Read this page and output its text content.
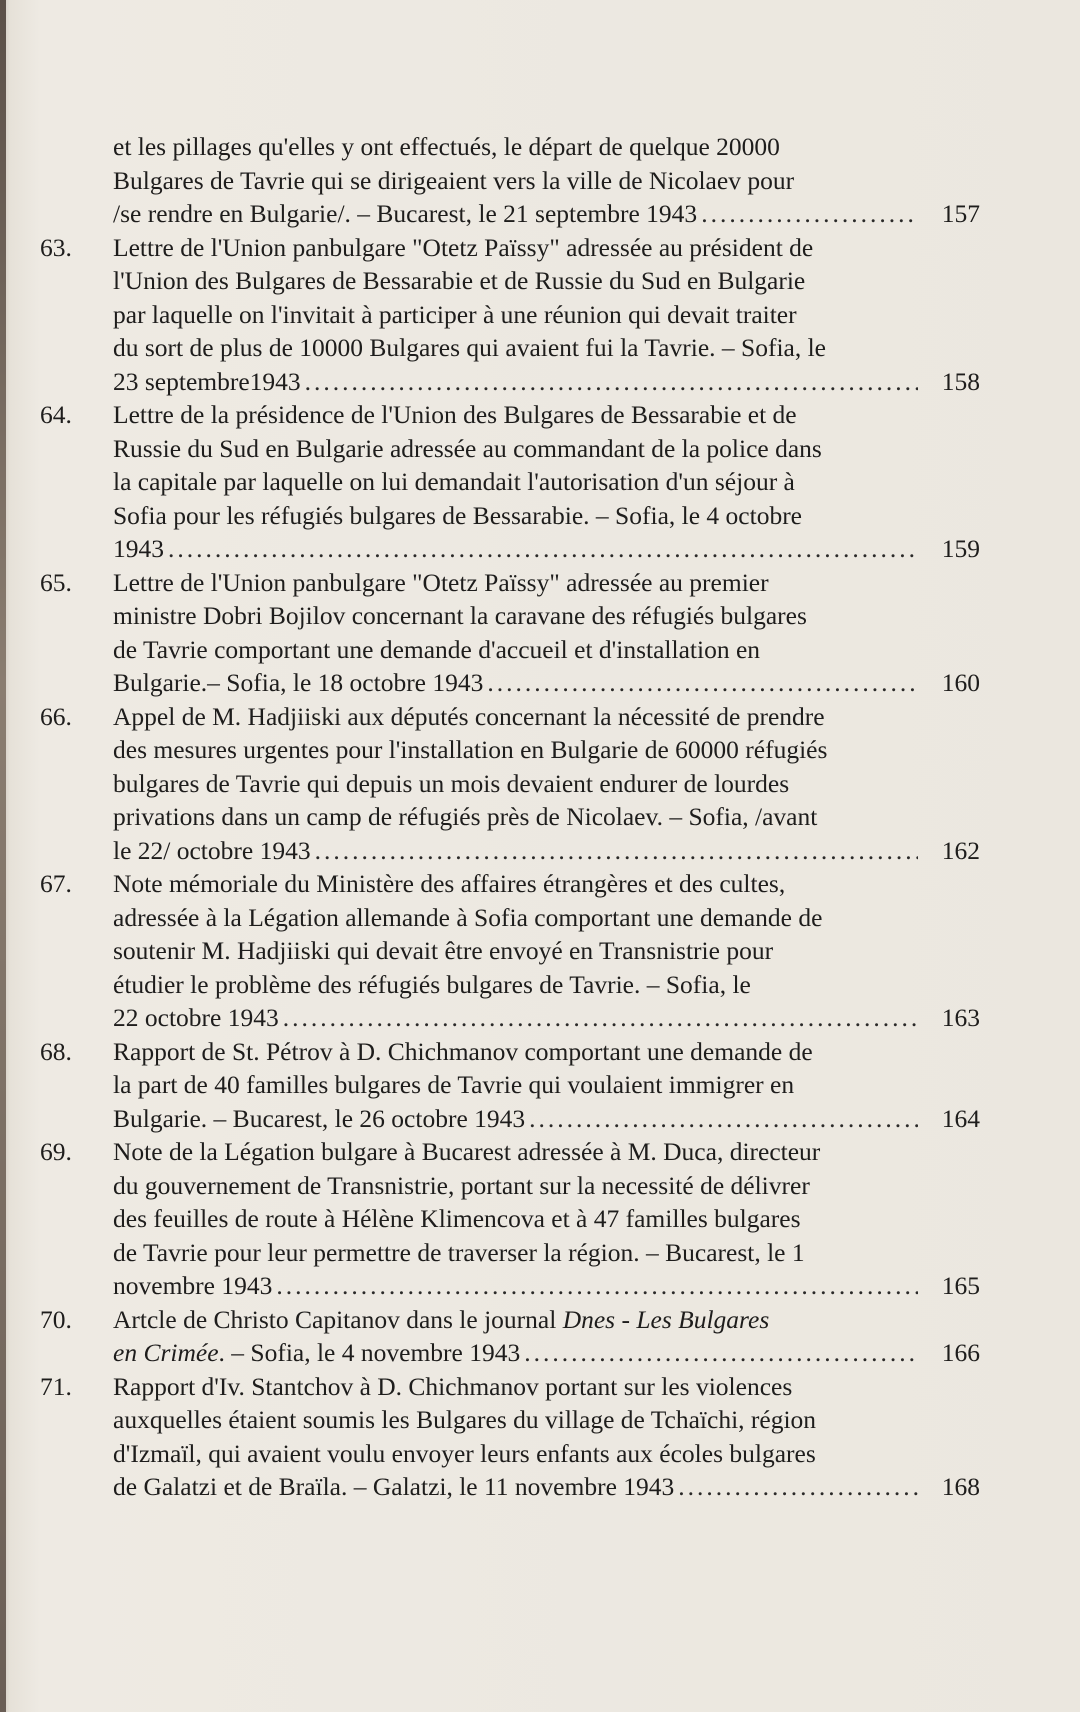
et les pillages qu'elles y ont effectués, le départ de quelque 20000
Bulgares de Tavrie qui se dirigeaient vers la ville de Nicolaev pour
/se rendre en Bulgarie/. – Bucarest, le 21 septembre 1943 .....	157
63.	Lettre de l'Union panbulgare "Otetz Païssy" adressée au président de
l'Union des Bulgares de Bessarabie et de Russie du Sud en Bulgarie
par laquelle on l'invitait à participer à une réunion qui devait traiter
du sort de plus de 10000 Bulgares qui avaient fui la Tavrie. – Sofia, le
23 septembre1943 .....	158
64.	Lettre de la présidence de l'Union des Bulgares de Bessarabie et de
Russie du Sud en Bulgarie adressée au commandant de la police dans
la capitale par laquelle on lui demandait l'autorisation d'un séjour à
Sofia pour les réfugiés bulgares de Bessarabie. – Sofia, le 4 octobre
1943 .....	159
65.	Lettre de l'Union panbulgare "Otetz Païssy" adressée au premier
ministre Dobri Bojilov concernant la caravane des réfugiés bulgares
de Tavrie comportant une demande d'accueil et d'installation en
Bulgarie.– Sofia, le 18 octobre 1943 .....	160
66.	Appel de M. Hadjiiski aux députés concernant la nécessité de prendre
des mesures urgentes pour l'installation en Bulgarie de 60000 réfugiés
bulgares de Tavrie qui depuis un mois devaient endurer de lourdes
privations dans un camp de réfugiés près de Nicolaev. – Sofia, /avant
le 22/ octobre 1943 .....	162
67.	Note mémoriale du Ministère des affaires étrangères et des cultes,
adressée à la Légation allemande à Sofia comportant une demande de
soutenir M. Hadjiiski qui devait être envoyé en Transnistrie pour
étudier le problème des réfugiés bulgares de Tavrie. – Sofia, le
22 octobre 1943 .....	163
68.	Rapport de St. Pétrov à D. Chichmanov comportant une demande de
la part de 40 familles bulgares de Tavrie qui voulaient immigrer en
Bulgarie. – Bucarest, le 26 octobre 1943 .....	164
69.	Note de la Légation bulgare à Bucarest adressée à M. Duca, directeur
du gouvernement de Transnistrie, portant sur la necessité de délivrer
des feuilles de route à Hélène Klimencova et à 47 familles bulgares
de Tavrie pour leur permettre de traverser la région. – Bucarest, le 1
novembre 1943 .....	165
70.	Artcle de Christo Capitanov dans le journal Dnes - Les Bulgares
en Crimée. – Sofia, le 4 novembre 1943 .....	166
71.	Rapport d'Iv. Stantchov à D. Chichmanov portant sur les violences
auxquelles étaient soumis les Bulgares du village de Tchaïchi, région
d'Izmaïl, qui avaient voulu envoyer leurs enfants aux écoles bulgares
de Galatzi et de Braïla. – Galatzi, le 11 novembre 1943 .....	168
